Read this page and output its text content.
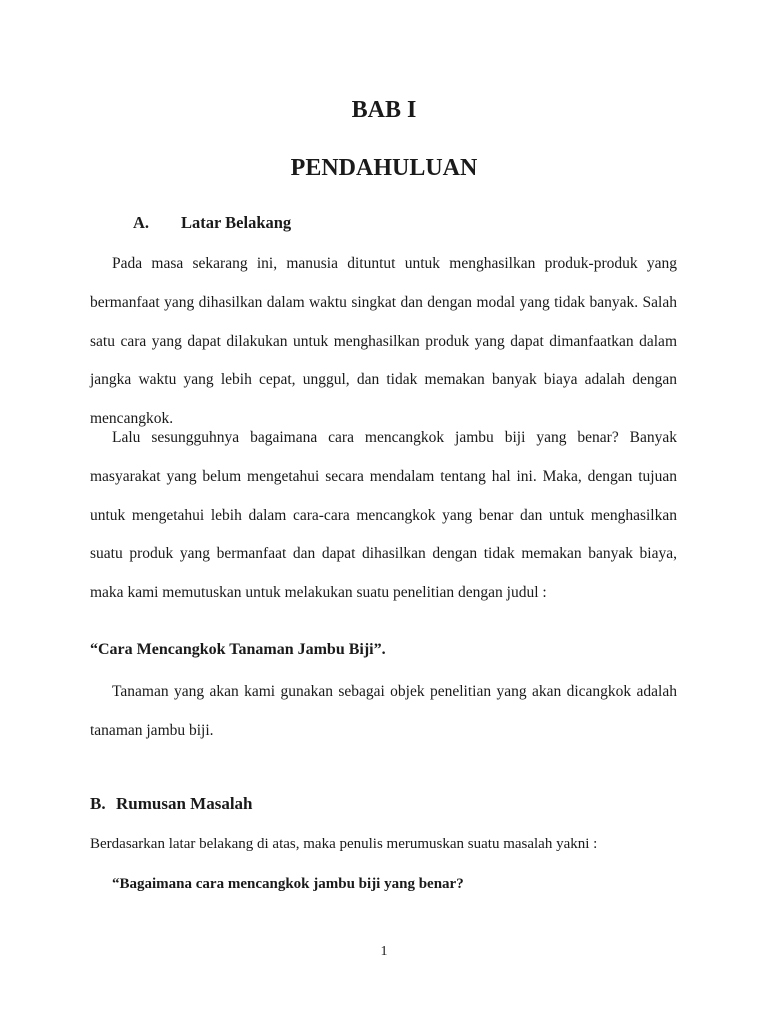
BAB I
PENDAHULUAN
A. Latar Belakang

Pada masa sekarang ini, manusia dituntut untuk menghasilkan produk-produk yang bermanfaat yang dihasilkan dalam waktu singkat dan dengan modal yang tidak banyak. Salah satu cara yang dapat dilakukan untuk menghasilkan produk yang dapat dimanfaatkan dalam jangka waktu yang lebih cepat, unggul, dan tidak memakan banyak biaya adalah dengan mencangkok.

Lalu sesungguhnya bagaimana cara mencangkok jambu biji yang benar? Banyak masyarakat yang belum mengetahui secara mendalam tentang hal ini. Maka, dengan tujuan untuk mengetahui lebih dalam cara-cara mencangkok yang benar dan untuk menghasilkan suatu produk yang bermanfaat dan dapat dihasilkan dengan tidak memakan banyak biaya, maka kami memutuskan untuk melakukan suatu penelitian dengan judul :

“Cara Mencangkok Tanaman Jambu Biji”.

Tanaman yang akan kami gunakan sebagai objek penelitian yang akan dicangkok adalah tanaman jambu biji.

B. Rumusan Masalah

Berdasarkan latar belakang di atas, maka penulis merumuskan suatu masalah yakni :

“Bagaimana cara mencangkok jambu biji yang benar?

1
